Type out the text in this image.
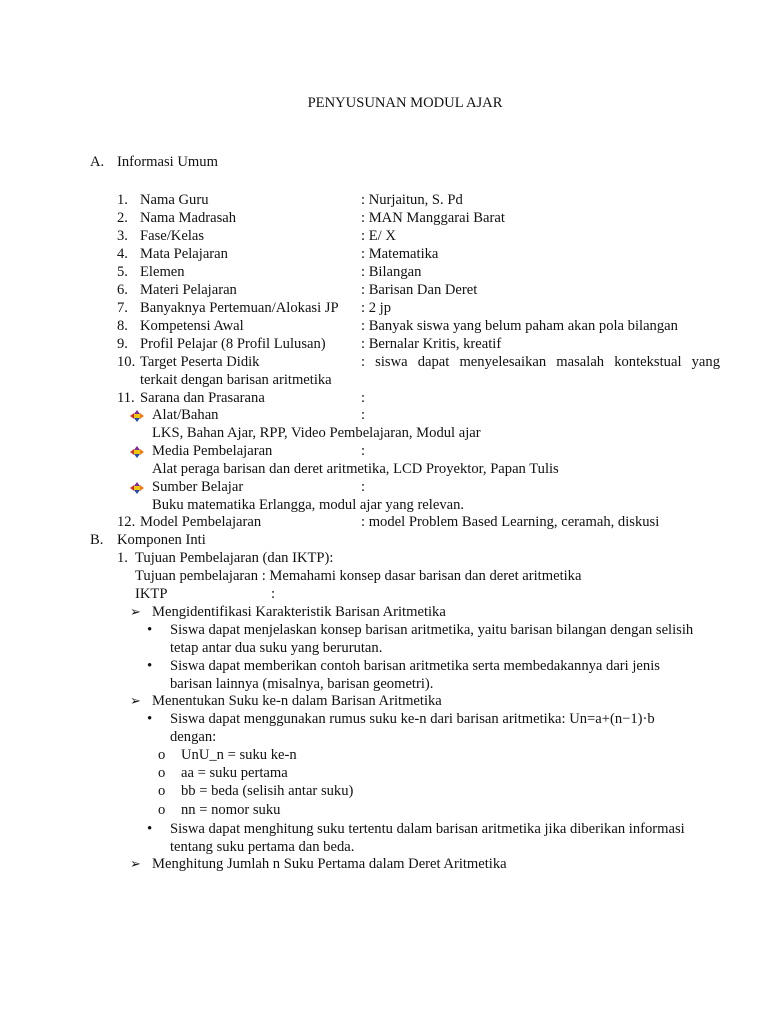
PENYUSUNAN MODUL AJAR
A. Informasi Umum
1. Nama Guru	: Nurjaitun, S. Pd
2. Nama Madrasah	: MAN Manggarai Barat
3. Fase/Kelas	: E/ X
4. Mata Pelajaran	: Matematika
5. Elemen	: Bilangan
6. Materi Pelajaran	: Barisan Dan Deret
7. Banyaknya Pertemuan/Alokasi JP : 2 jp
8. Kompetensi Awal	: Banyak siswa yang belum paham akan pola bilangan
9. Profil Pelajar (8 Profil Lulusan) : Bernalar Kritis, kreatif
10. Target Peserta Didik	: siswa dapat menyelesaikan masalah kontekstual yang
terkait dengan barisan aritmetika
11. Sarana dan Prasarana	:
Alat/Bahan	:
LKS, Bahan Ajar, RPP, Video Pembelajaran, Modul ajar
Media Pembelajaran	:
Alat peraga barisan dan deret aritmetika, LCD Proyektor, Papan Tulis
Sumber Belajar	:
Buku matematika Erlangga, modul ajar yang relevan.
12. Model Pembelajaran	: model Problem Based Learning, ceramah, diskusi
B. Komponen Inti
1. Tujuan Pembelajaran (dan IKTP):
Tujuan pembelajaran : Memahami konsep dasar barisan dan deret aritmetika
IKTP	:
➢ Mengidentifikasi Karakteristik Barisan Aritmetika
• Siswa dapat menjelaskan konsep barisan aritmetika, yaitu barisan bilangan dengan selisih
tetap antar dua suku yang berurutan.
• Siswa dapat memberikan contoh barisan aritmetika serta membedakannya dari jenis
barisan lainnya (misalnya, barisan geometri).
➢ Menentukan Suku ke-n dalam Barisan Aritmetika
• Siswa dapat menggunakan rumus suku ke-n dari barisan aritmetika: Un=a+(n−1)·b
dengan:
o UnU_n = suku ke-n
o aa = suku pertama
o bb = beda (selisih antar suku)
o nn = nomor suku
• Siswa dapat menghitung suku tertentu dalam barisan aritmetika jika diberikan informasi
tentang suku pertama dan beda.
➢ Menghitung Jumlah n Suku Pertama dalam Deret Aritmetika
